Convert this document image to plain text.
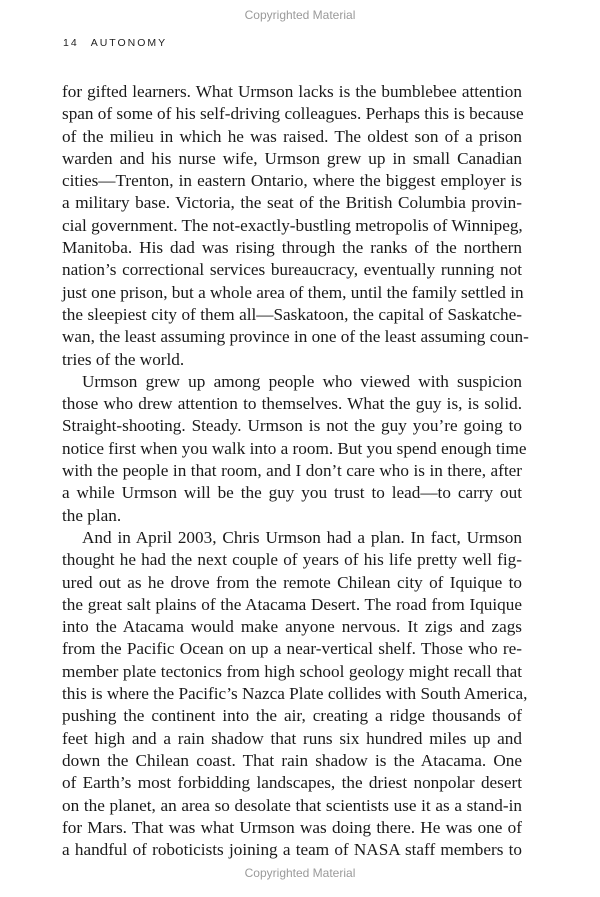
Copyrighted Material
14 AUTONOMY

for gifted learners. What Urmson lacks is the bumblebee attention
span of some of his self-driving colleagues. Perhaps this is because
of the milieu in which he was raised. The oldest son of a prison
warden and his nurse wife, Urmson grew up in small Canadian
cities—Trenton, in eastern Ontario, where the biggest employer is
a military base. Victoria, the seat of the British Columbia provin-
cial government. The not-exactly-bustling metropolis of Winnipeg,
Manitoba. His dad was rising through the ranks of the northern
nation’s correctional services bureaucracy, eventually running not
just one prison, but a whole area of them, until the family settled in
the sleepiest city of them all—Saskatoon, the capital of Saskatche-
wan, the least assuming province in one of the least assuming coun-
tries of the world.

Urmson grew up among people who viewed with suspicion
those who drew attention to themselves. What the guy is, is solid.
Straight-shooting. Steady. Urmson is not the guy you’re going to
notice first when you walk into a room. But you spend enough time
with the people in that room, and I don’t care who is in there, after
a while Urmson will be the guy you trust to lead—to carry out
the plan.

And in April 2003, Chris Urmson had a plan. In fact, Urmson
thought he had the next couple of years of his life pretty well fig-
ured out as he drove from the remote Chilean city of Iquique to
the great salt plains of the Atacama Desert. The road from Iquique
into the Atacama would make anyone nervous. It zigs and zags
from the Pacific Ocean on up a near-vertical shelf. Those who re-
member plate tectonics from high school geology might recall that
this is where the Pacific’s Nazca Plate collides with South America,
pushing the continent into the air, creating a ridge thousands of
feet high and a rain shadow that runs six hundred miles up and
down the Chilean coast. That rain shadow is the Atacama. One
of Earth’s most forbidding landscapes, the driest nonpolar desert
on the planet, an area so desolate that scientists use it as a stand-in
for Mars. That was what Urmson was doing there. He was one of
a handful of roboticists joining a team of NASA staff members to

Copyrighted Material
